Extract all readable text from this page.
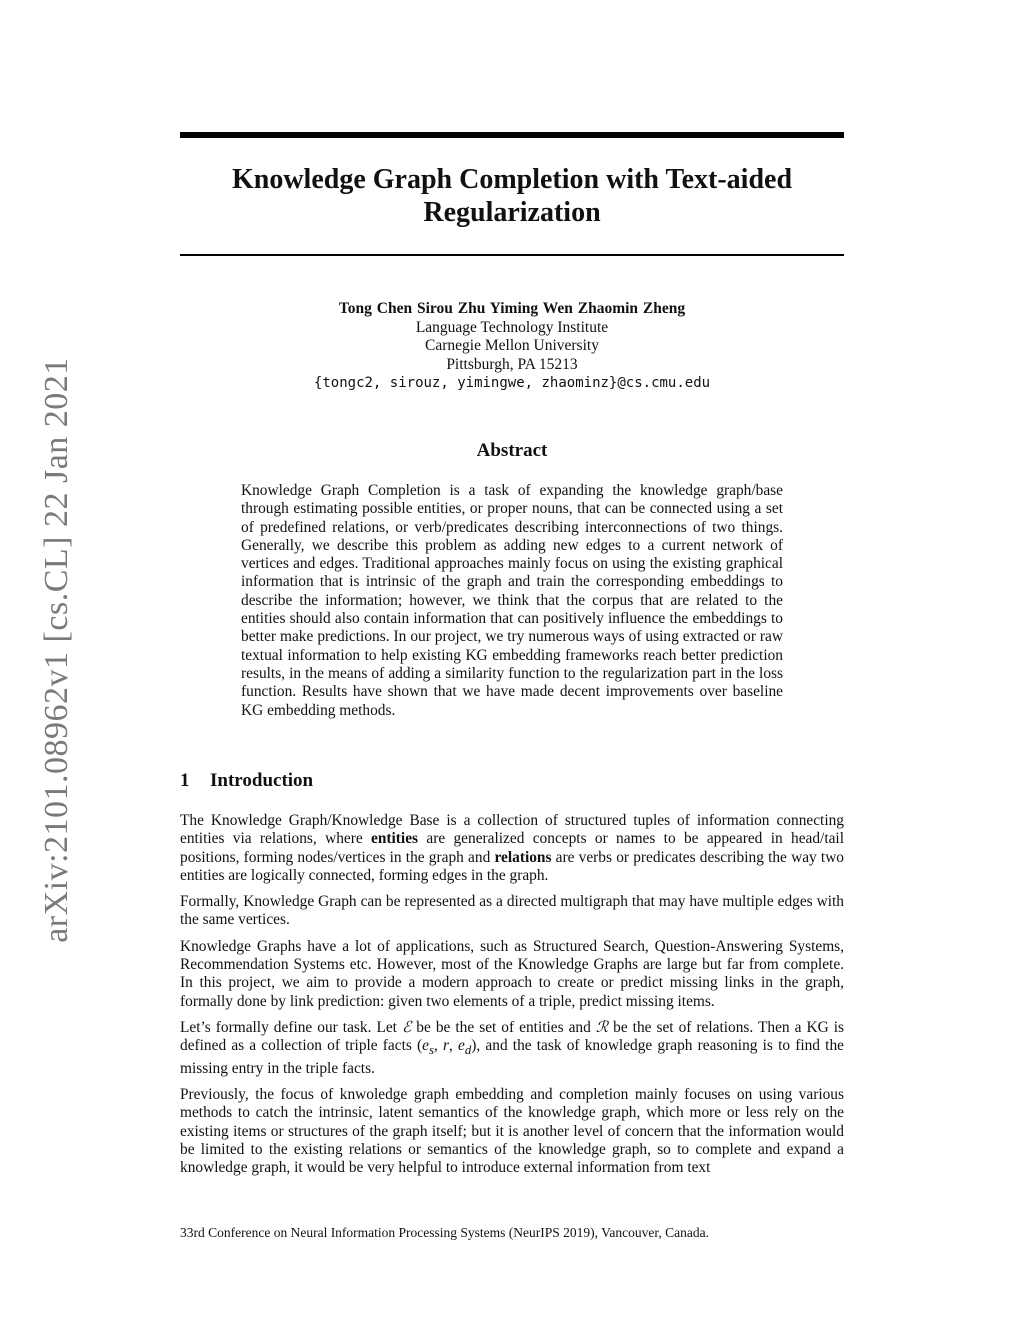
arXiv:2101.08962v1 [cs.CL] 22 Jan 2021
Knowledge Graph Completion with Text-aided
Regularization
Tong Chen Sirou Zhu Yiming Wen Zhaomin Zheng
Language Technology Institute
Carnegie Mellon University
Pittsburgh, PA 15213
{tongc2, sirouz, yimingwe, zhaominz}@cs.cmu.edu
Abstract

Knowledge Graph Completion is a task of expanding the knowledge graph/base through estimating possible entities, or proper nouns, that can be connected using a set of predefined relations, or verb/predicates describing interconnections of two things. Generally, we describe this problem as adding new edges to a current network of vertices and edges. Traditional approaches mainly focus on using the existing graphical information that is intrinsic of the graph and train the corresponding embeddings to describe the information; however, we think that the corpus that are related to the entities should also contain information that can positively influence the embeddings to better make predictions. In our project, we try numerous ways of using extracted or raw textual information to help existing KG embedding frameworks reach better prediction results, in the means of adding a similarity function to the regularization part in the loss function. Results have shown that we have made decent improvements over baseline KG embedding methods.

1 Introduction

The Knowledge Graph/Knowledge Base is a collection of structured tuples of information connecting entities via relations, where entities are generalized concepts or names to be appeared in head/tail positions, forming nodes/vertices in the graph and relations are verbs or predicates describing the way two entities are logically connected, forming edges in the graph.

Formally, Knowledge Graph can be represented as a directed multigraph that may have multiple edges with the same vertices.

Knowledge Graphs have a lot of applications, such as Structured Search, Question-Answering Systems, Recommendation Systems etc. However, most of the Knowledge Graphs are large but far from complete. In this project, we aim to provide a modern approach to create or predict missing links in the graph, formally done by link prediction: given two elements of a triple, predict missing items.

Let’s formally define our task. Let ℰ be be the set of entities and ℛ be the set of relations. Then a KG is defined as a collection of triple facts ($e_s$, r, $e_d$), and the task of knowledge graph reasoning is to find the missing entry in the triple facts.

Previously, the focus of knwoledge graph embedding and completion mainly focuses on using various methods to catch the intrinsic, latent semantics of the knowledge graph, which more or less rely on the existing items or structures of the graph itself; but it is another level of concern that the information would be limited to the existing relations or semantics of the knowledge graph, so to complete and expand a knowledge graph, it would be very helpful to introduce external information from text

33rd Conference on Neural Information Processing Systems (NeurIPS 2019), Vancouver, Canada.
